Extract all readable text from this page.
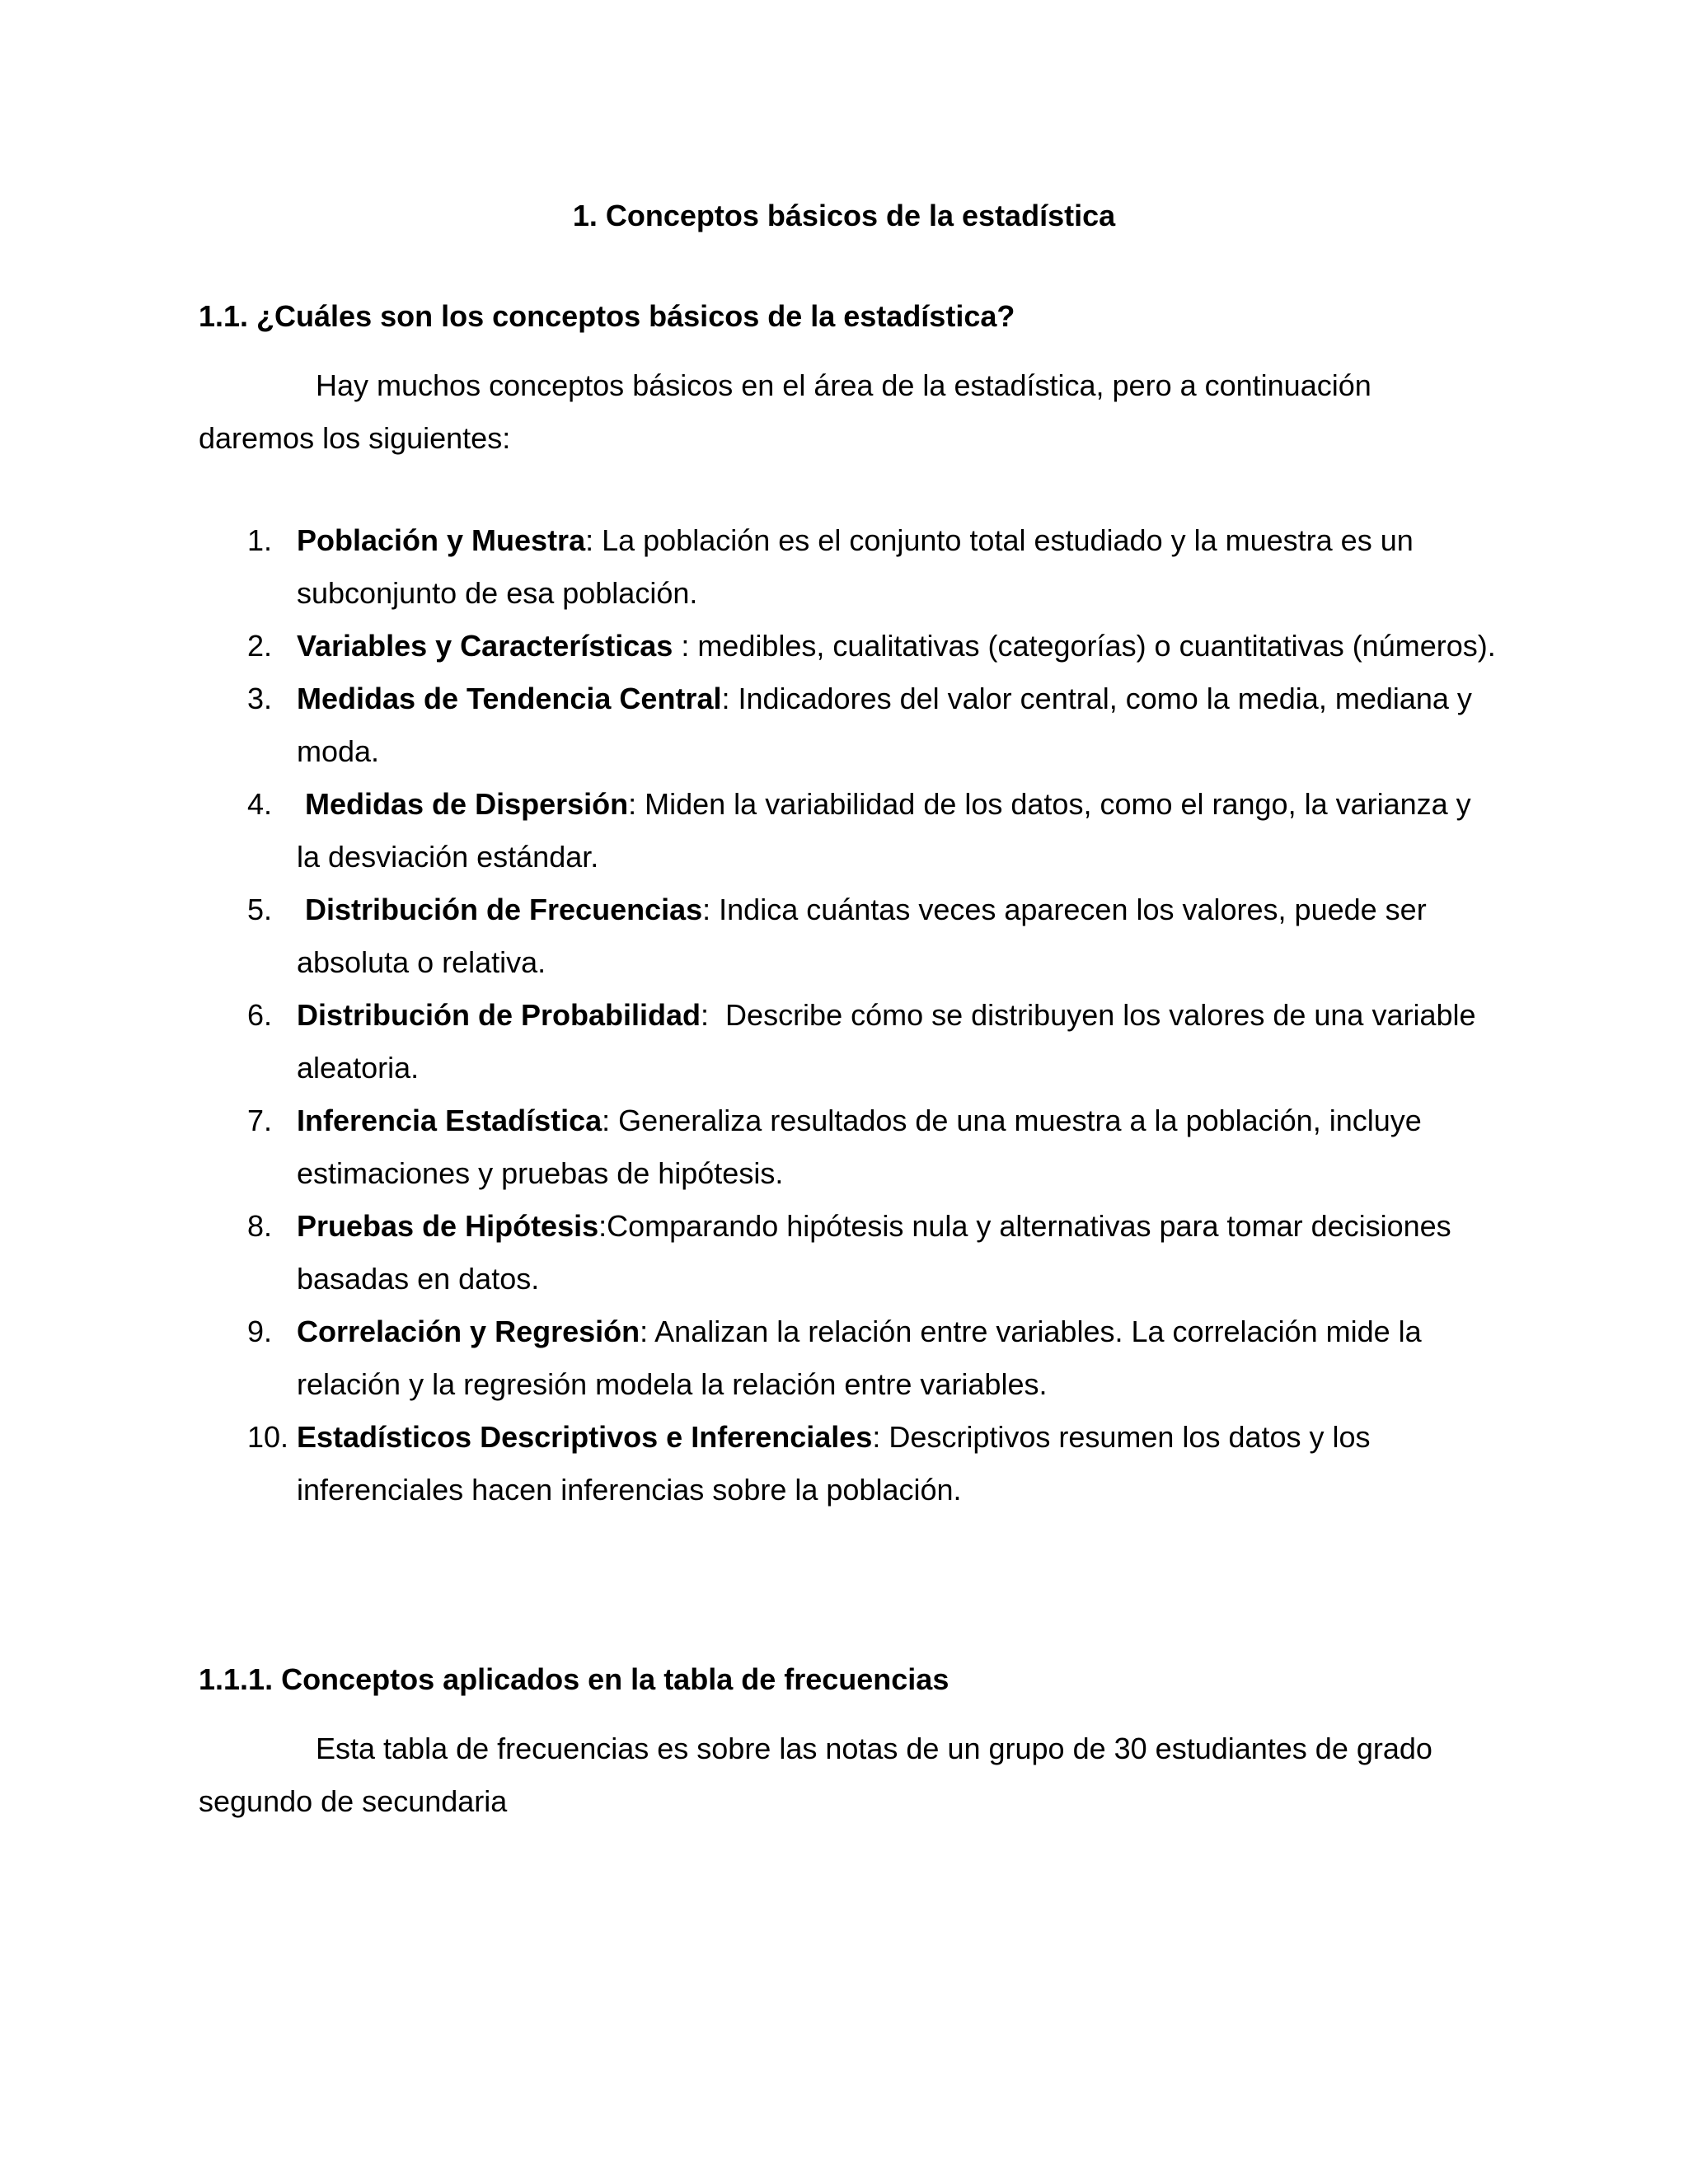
1. Conceptos básicos de la estadística
1.1. ¿Cuáles son los conceptos básicos de la estadística?

Hay muchos conceptos básicos en el área de la estadística, pero a continuación daremos los siguientes:

1. Población y Muestra: La población es el conjunto total estudiado y la muestra es un subconjunto de esa población.
2. Variables y Características : medibles, cualitativas (categorías) o cuantitativas (números).
3. Medidas de Tendencia Central: Indicadores del valor central, como la media, mediana y moda.
4. Medidas de Dispersión: Miden la variabilidad de los datos, como el rango, la varianza y la desviación estándar.
5. Distribución de Frecuencias: Indica cuántas veces aparecen los valores, puede ser absoluta o relativa.
6. Distribución de Probabilidad:  Describe cómo se distribuyen los valores de una variable aleatoria.
7. Inferencia Estadística: Generaliza resultados de una muestra a la población, incluye estimaciones y pruebas de hipótesis.
8. Pruebas de Hipótesis:Comparando hipótesis nula y alternativas para tomar decisiones basadas en datos.
9. Correlación y Regresión: Analizan la relación entre variables. La correlación mide la relación y la regresión modela la relación entre variables.
10. Estadísticos Descriptivos e Inferenciales: Descriptivos resumen los datos y los inferenciales hacen inferencias sobre la población.
1.1.1. Conceptos aplicados en la tabla de frecuencias

Esta tabla de frecuencias es sobre las notas de un grupo de 30 estudiantes de grado segundo de secundaria
